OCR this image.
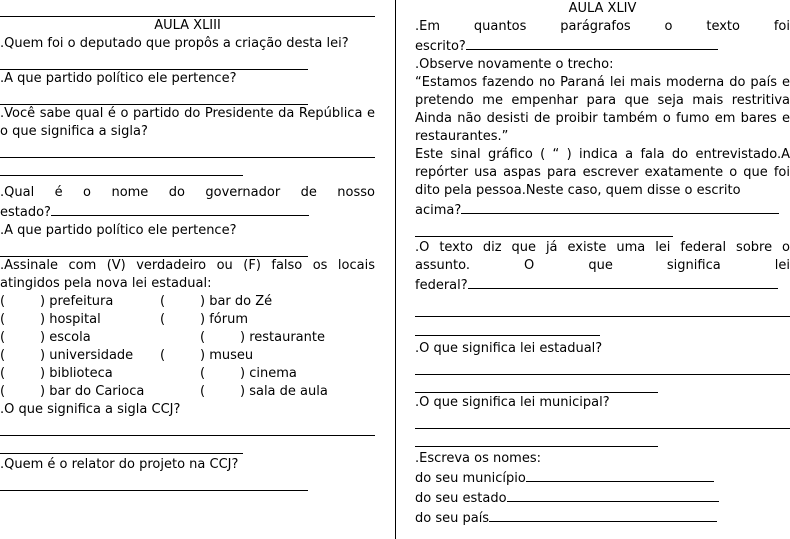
AULA XLIII
.Quem foi o deputado que propôs a criação desta lei?
.A que partido político ele pertence?
.Você sabe qual é o partido do Presidente da República e o que significa a sigla?
.Qual é o nome do governador de nosso
estado?
.A que partido político ele pertence?
.Assinale com (V) verdadeiro ou (F) falso os locais atingidos pela nova lei estadual:
(	) prefeitura	(	) bar do Zé
(	) hospital	(	) fórum
(	) escola	(	) restaurante
(	) universidade	(	) museu
(	) biblioteca	(	) cinema
(	) bar do Carioca	(	) sala de aula
.O que significa a sigla CCJ?
.Quem é o relator do projeto na CCJ?
AULA XLIV
.Em quantos parágrafos o texto foi
escrito?
.Observe novamente o trecho:
“Estamos fazendo no Paraná lei mais moderna do país e pretendo me empenhar para que seja mais restritiva Ainda não desisti de proibir também o fumo em bares e restaurantes.”
Este sinal gráfico ( “ ) indica a fala do entrevistado.A repórter usa aspas para escrever exatamente o que foi dito pela pessoa.Neste caso, quem disse o escrito
acima?
.O texto diz que já existe uma lei federal sobre o
assunto. O que significa lei
federal?
.O que significa lei estadual?
.O que significa lei municipal?
.Escreva os nomes:
do seu município
do seu estado
do seu país
